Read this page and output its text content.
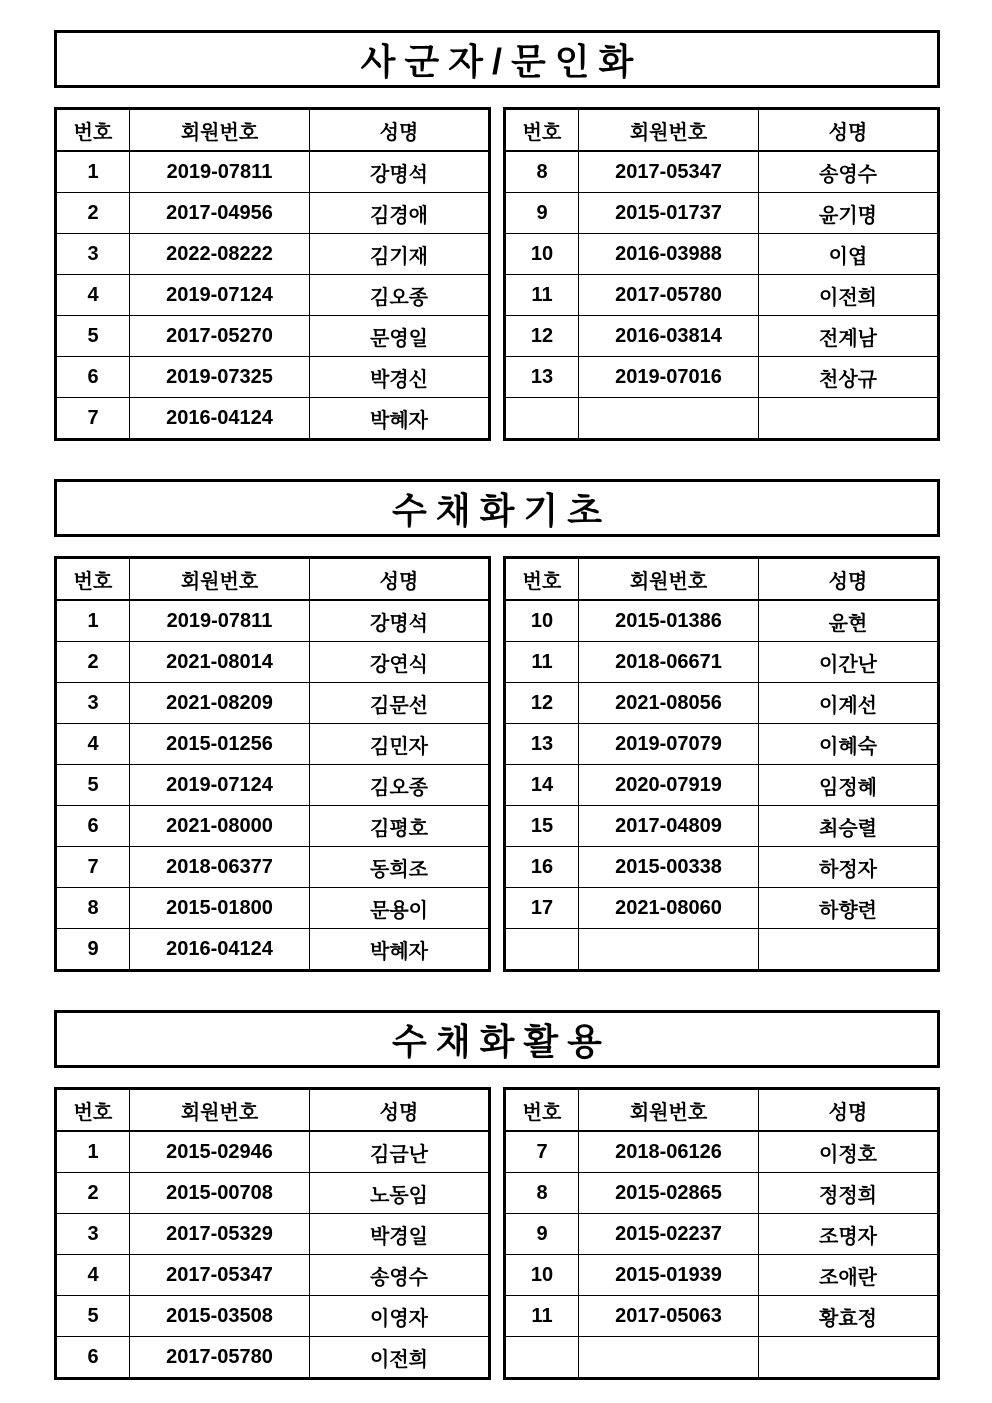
사군자/문인화
번호	회원번호	성명
1	2019-07811	강명석
2	2017-04956	김경애
3	2022-08222	김기재
4	2019-07124	김오종
5	2017-05270	문영일
6	2019-07325	박경신
7	2016-04124	박혜자
번호	회원번호	성명
8	2017-05347	송영수
9	2015-01737	윤기명
10	2016-03988	이엽
11	2017-05780	이전희
12	2016-03814	전계남
13	2019-07016	천상규

수채화기초
번호	회원번호	성명
1	2019-07811	강명석
2	2021-08014	강연식
3	2021-08209	김문선
4	2015-01256	김민자
5	2019-07124	김오종
6	2021-08000	김평호
7	2018-06377	동희조
8	2015-01800	문용이
9	2016-04124	박혜자
번호	회원번호	성명
10	2015-01386	윤현
11	2018-06671	이간난
12	2021-08056	이계선
13	2019-07079	이혜숙
14	2020-07919	임정혜
15	2017-04809	최승렬
16	2015-00338	하정자
17	2021-08060	하향련

수채화활용
번호	회원번호	성명
1	2015-02946	김금난
2	2015-00708	노동임
3	2017-05329	박경일
4	2017-05347	송영수
5	2015-03508	이영자
6	2017-05780	이전희
번호	회원번호	성명
7	2018-06126	이정호
8	2015-02865	정정희
9	2015-02237	조명자
10	2015-01939	조애란
11	2017-05063	황효정
